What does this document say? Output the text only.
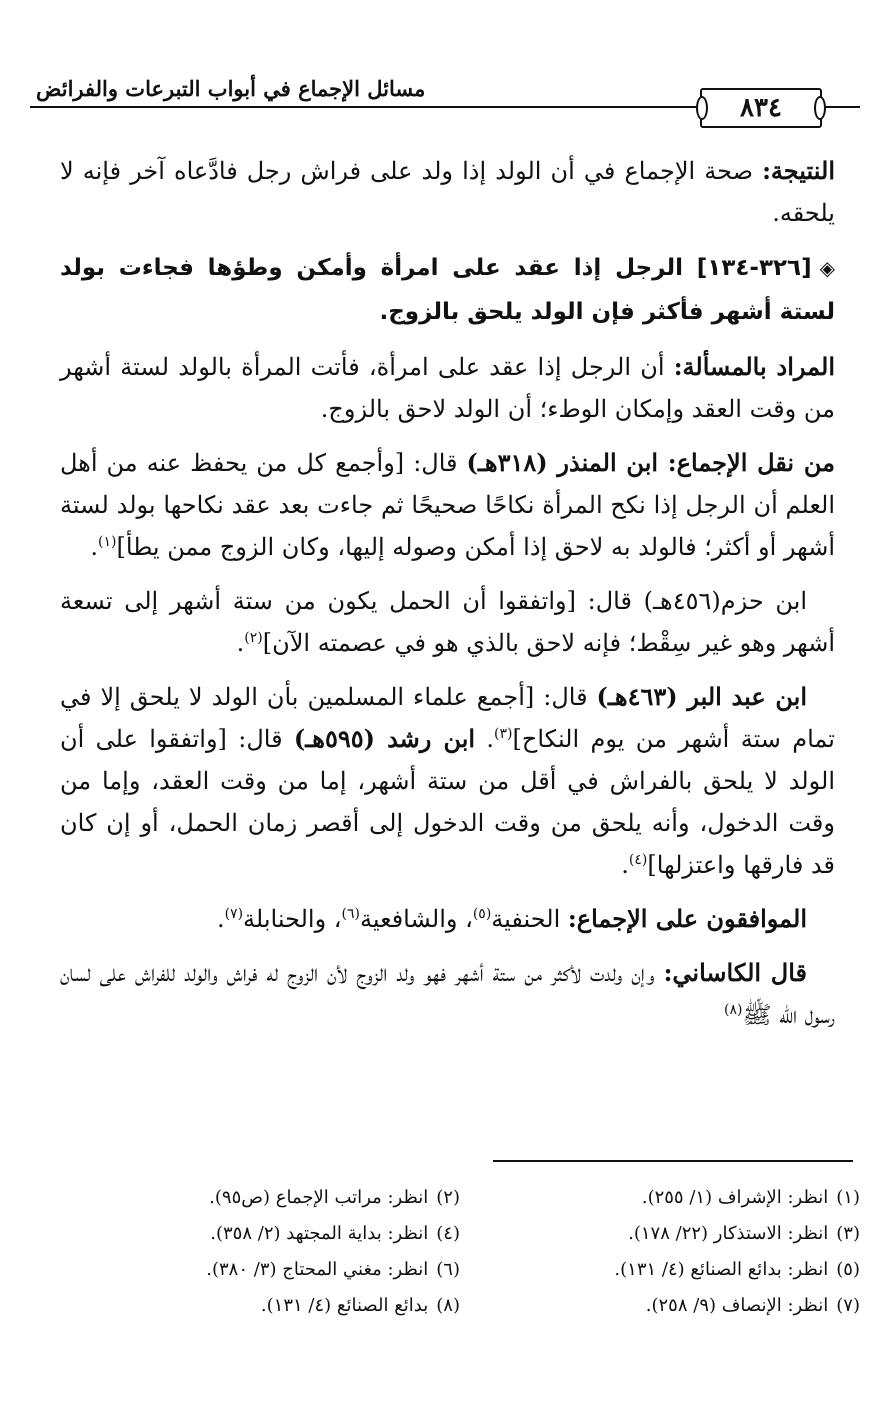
مسائل الإجماع في أبواب التبرعات والفرائض
٨٣٤

النتيجة: صحة الإجماع في أن الولد إذا ولد على فراش رجل فادَّعاه آخر فإنه لا يلحقه.

◈[٣٢٦-١٣٤] الرجل إذا عقد على امرأة وأمكن وطؤها فجاءت بولد لستة أشهر فأكثر فإن الولد يلحق بالزوج.

المراد بالمسألة: أن الرجل إذا عقد على امرأة، فأتت المرأة بالولد لستة أشهر من وقت العقد وإمكان الوطء؛ أن الولد لاحق بالزوج.

من نقل الإجماع: ابن المنذر (٣١٨هـ) قال: [وأجمع كل من يحفظ عنه من أهل العلم أن الرجل إذا نكح المرأة نكاحًا صحيحًا ثم جاءت بعد عقد نكاحها بولد لستة أشهر أو أكثر؛ فالولد به لاحق إذا أمكن وصوله إليها، وكان الزوج ممن يطأ]$^{(١)}$.

ابن حزم(٤٥٦هـ) قال: [واتفقوا أن الحمل يكون من ستة أشهر إلى تسعة أشهر وهو غير سِقْط؛ فإنه لاحق بالذي هو في عصمته الآن]$^{(٢)}$.

ابن عبد البر (٤٦٣هـ) قال: [أجمع علماء المسلمين بأن الولد لا يلحق إلا في تمام ستة أشهر من يوم النكاح]$^{(٣)}$. ابن رشد (٥٩٥هـ) قال: [واتفقوا على أن الولد لا يلحق بالفراش في أقل من ستة أشهر، إما من وقت العقد، وإما من وقت الدخول، وأنه يلحق من وقت الدخول إلى أقصر زمان الحمل، أو إن كان قد فارقها واعتزلها]$^{(٤)}$.

الموافقون على الإجماع: الحنفية$^{(٥)}$، والشافعية$^{(٦)}$، والحنابلة$^{(٧)}$.

قال الكاساني: وإن ولدت لأكثر من ستة أشهر فهو ولد الزوج لأن الزوج له فراش والولد للفراش على لسان رسول الله ﷺ$^{(٨)}$

(١)انظر: الإشراف (١/ ٢٥٥).
(٣)انظر: الاستذكار (٢٢/ ١٧٨).
(٥)انظر: بدائع الصنائع (٤/ ١٣١).
(٧)انظر: الإنصاف (٩/ ٢٥٨).
(٢)انظر: مراتب الإجماع (ص٩٥).
(٤)انظر: بداية المجتهد (٢/ ٣٥٨).
(٦)انظر: مغني المحتاج (٣/ ٣٨٠).
(٨)بدائع الصنائع (٤/ ١٣١).
